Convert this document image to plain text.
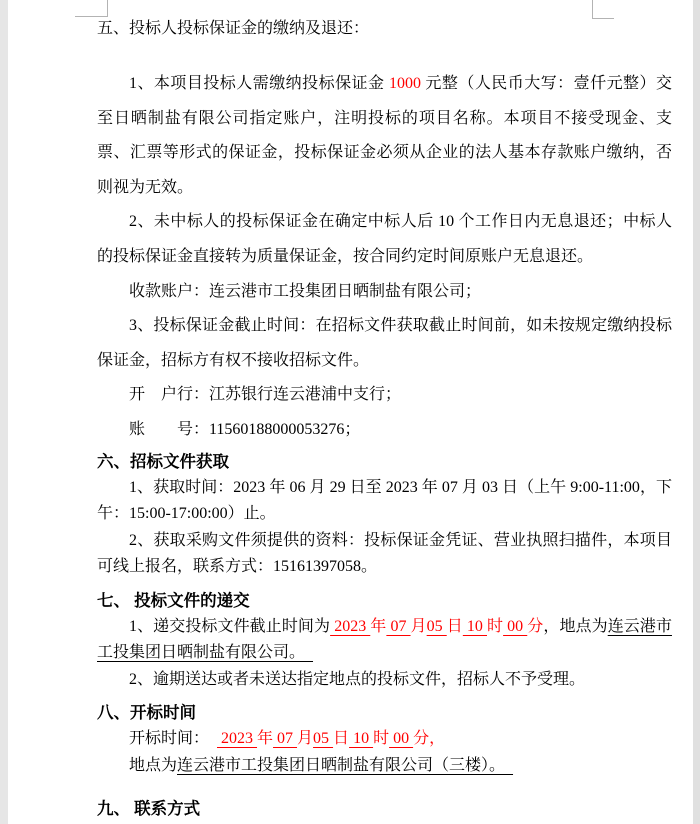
五、投标人投标保证金的缴纳及退还：

1、本项目投标人需缴纳投标保证金 1000 元整（人民币大写：壹仟元整）交至日晒制盐有限公司指定账户，注明投标的项目名称。本项目不接受现金、支票、汇票等形式的保证金，投标保证金必须从企业的法人基本存款账户缴纳，否则视为无效。

2、未中标人的投标保证金在确定中标人后 10 个工作日内无息退还；中标人的投标保证金直接转为质量保证金，按合同约定时间原账户无息退还。

收款账户：连云港市工投集团日晒制盐有限公司；

3、投标保证金截止时间：在招标文件获取截止时间前，如未按规定缴纳投标保证金，招标方有权不接收招标文件。

开　户行：江苏银行连云港浦中支行；

账　　号：11560188000053276；

六、招标文件获取

1、获取时间：2023 年 06 月 29 日至 2023 年 07 月 03 日（上午 9:00-11:00，下午：15:00-17:00:00）止。

2、获取采购文件须提供的资料：投标保证金凭证、营业执照扫描件，本项目可线上报名，联系方式：15161397058。

七、 投标文件的递交

1、递交投标文件截止时间为 2023 年 07 月05 日 10 时 00 分，地点为连云港市工投集团日晒制盐有限公司。　

2、逾期送达或者未送达指定地点的投标文件，招标人不予受理。

八、开标时间

开标时间：　 2023 年 07 月05 日 10 时 00 分，

地点为连云港市工投集团日晒制盐有限公司（三楼）。　

九、 联系方式
